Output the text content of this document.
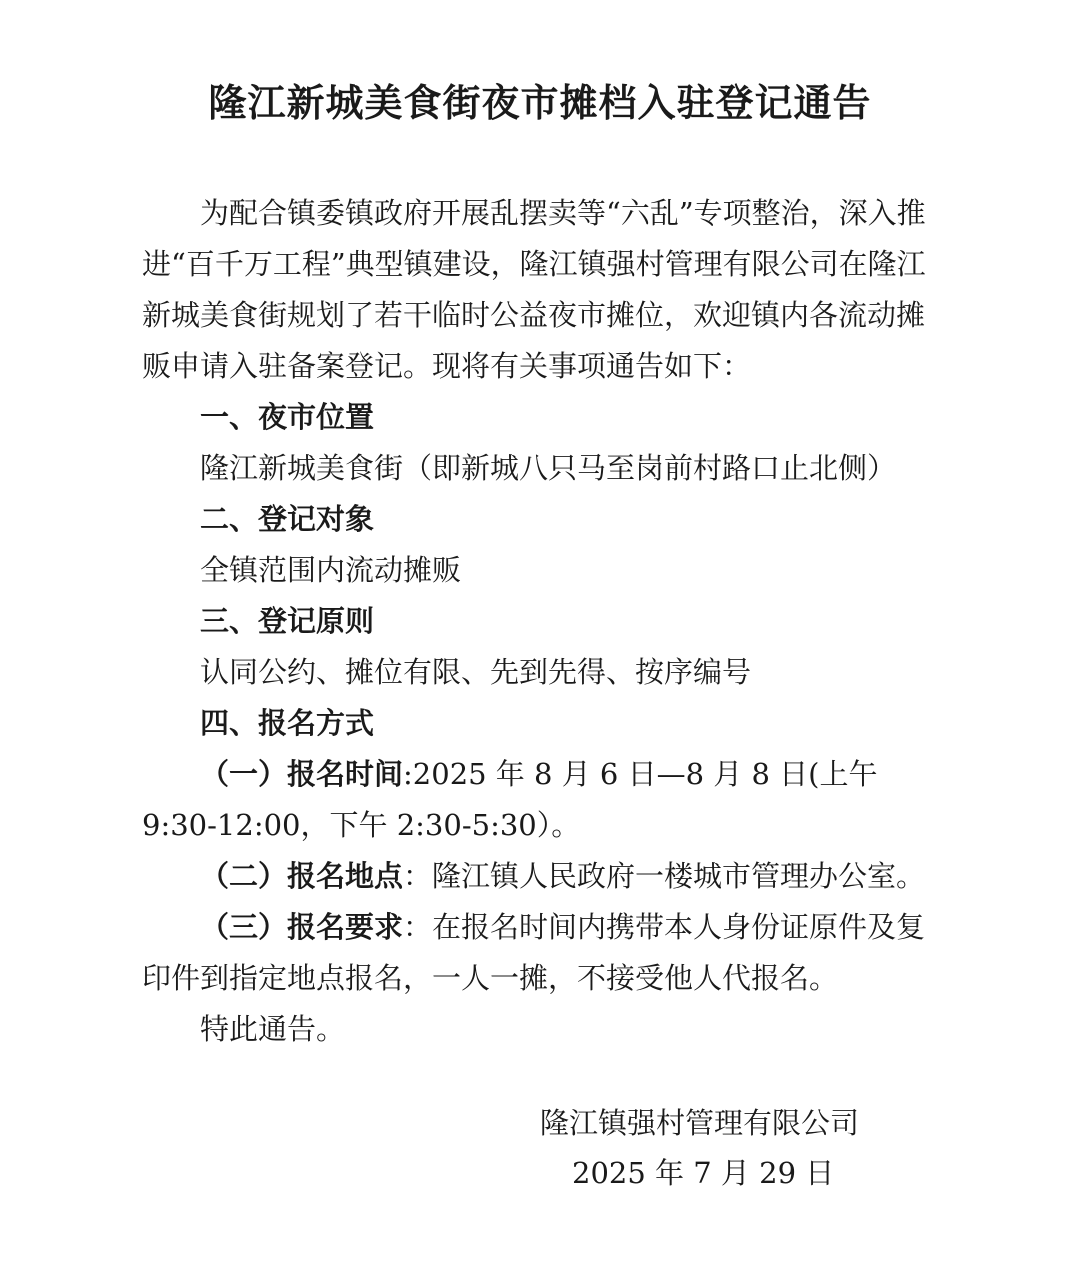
隆江新城美食街夜市摊档入驻登记通告

为配合镇委镇政府开展乱摆卖等“六乱”专项整治，深入推进“百千万工程”典型镇建设，隆江镇强村管理有限公司在隆江新城美食街规划了若干临时公益夜市摊位，欢迎镇内各流动摊贩申请入驻备案登记。现将有关事项通告如下：

一、夜市位置

隆江新城美食街（即新城八只马至岗前村路口止北侧）

二、登记对象

全镇范围内流动摊贩

三、登记原则

认同公约、摊位有限、先到先得、按序编号

四、报名方式

（一）报名时间:2025 年 8 月 6 日—8 月 8 日(上午 9:30-12:00，下午 2:30-5:30）。

（二）报名地点：隆江镇人民政府一楼城市管理办公室。

（三）报名要求：在报名时间内携带本人身份证原件及复印件到指定地点报名，一人一摊，不接受他人代报名。

特此通告。

隆江镇强村管理有限公司
2025 年 7 月 29 日
